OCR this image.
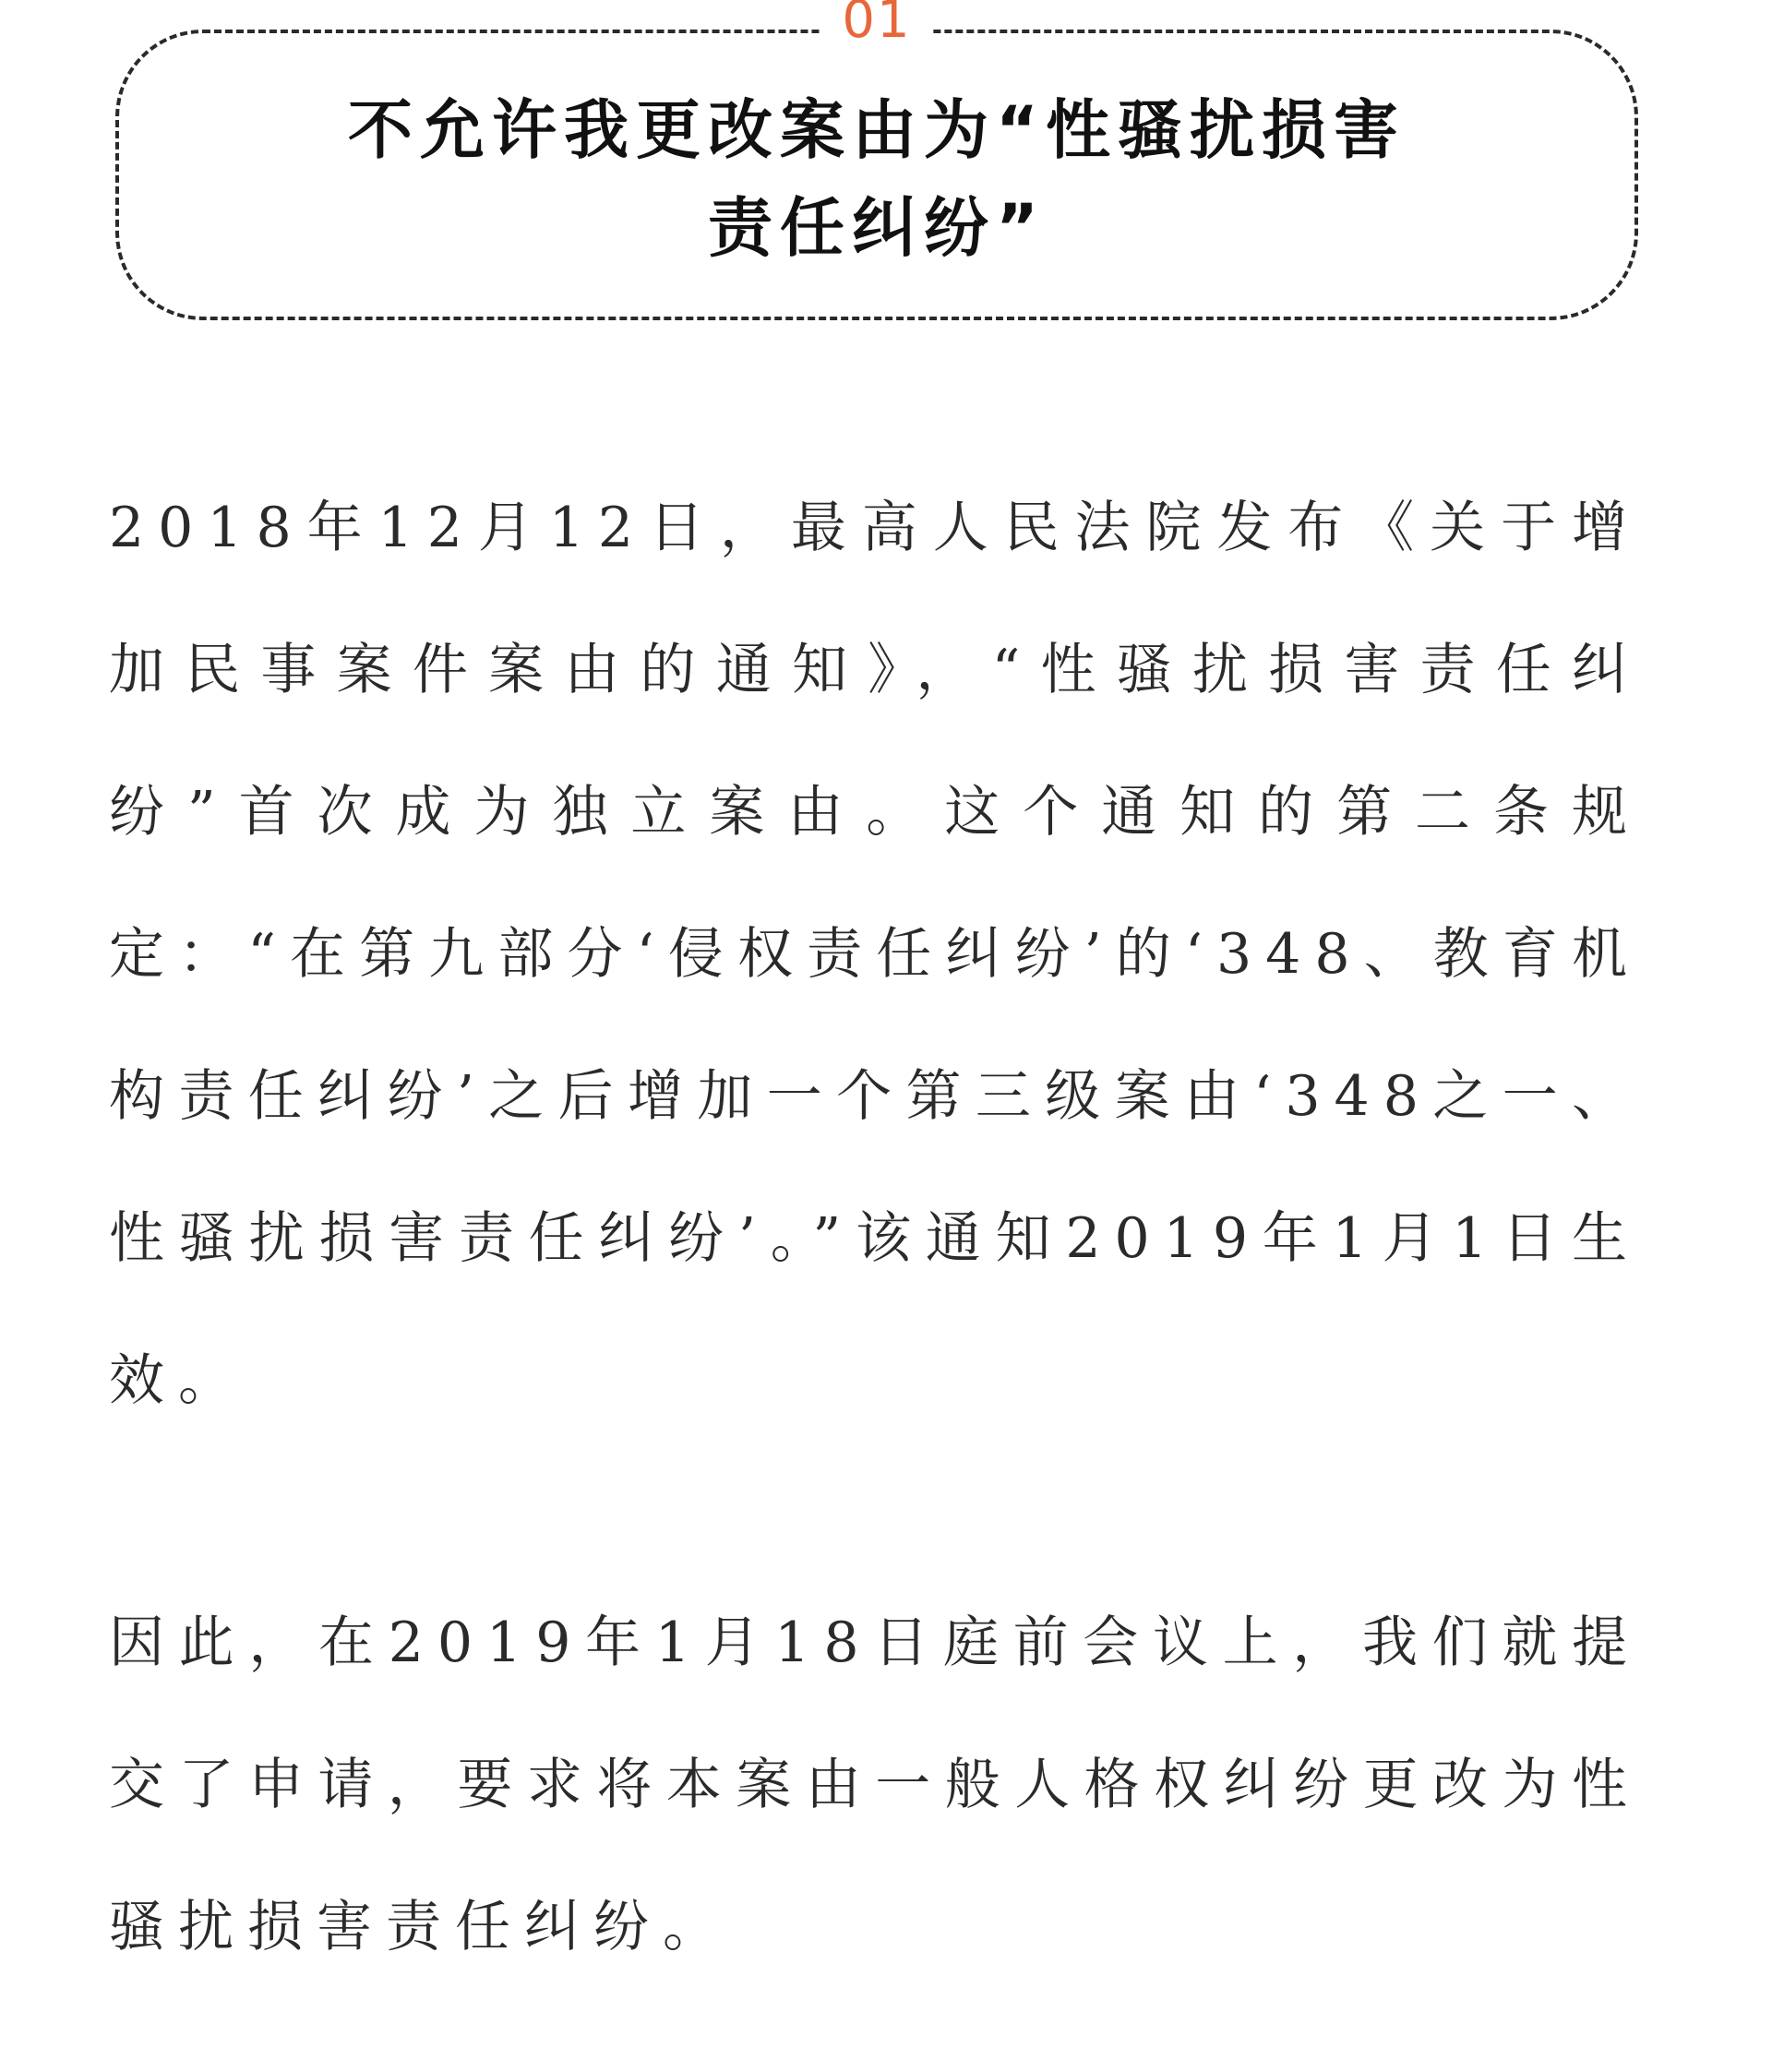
01
不允许我更改案由为“性骚扰损害
责任纠纷”

2018年12月12日，最高人民法院发布《关于增加民事案件案由的通知》，“性骚扰损害责任纠纷”首次成为独立案由。这个通知的第二条规定：“在第九部分‘侵权责任纠纷’的‘348、教育机构责任纠纷’之后增加一个第三级案由‘348之一、性骚扰损害责任纠纷’。”该通知2019年1月1日生效。

因此，在2019年1月18日庭前会议上，我们就提交了申请，要求将本案由一般人格权纠纷更改为性骚扰损害责任纠纷。
